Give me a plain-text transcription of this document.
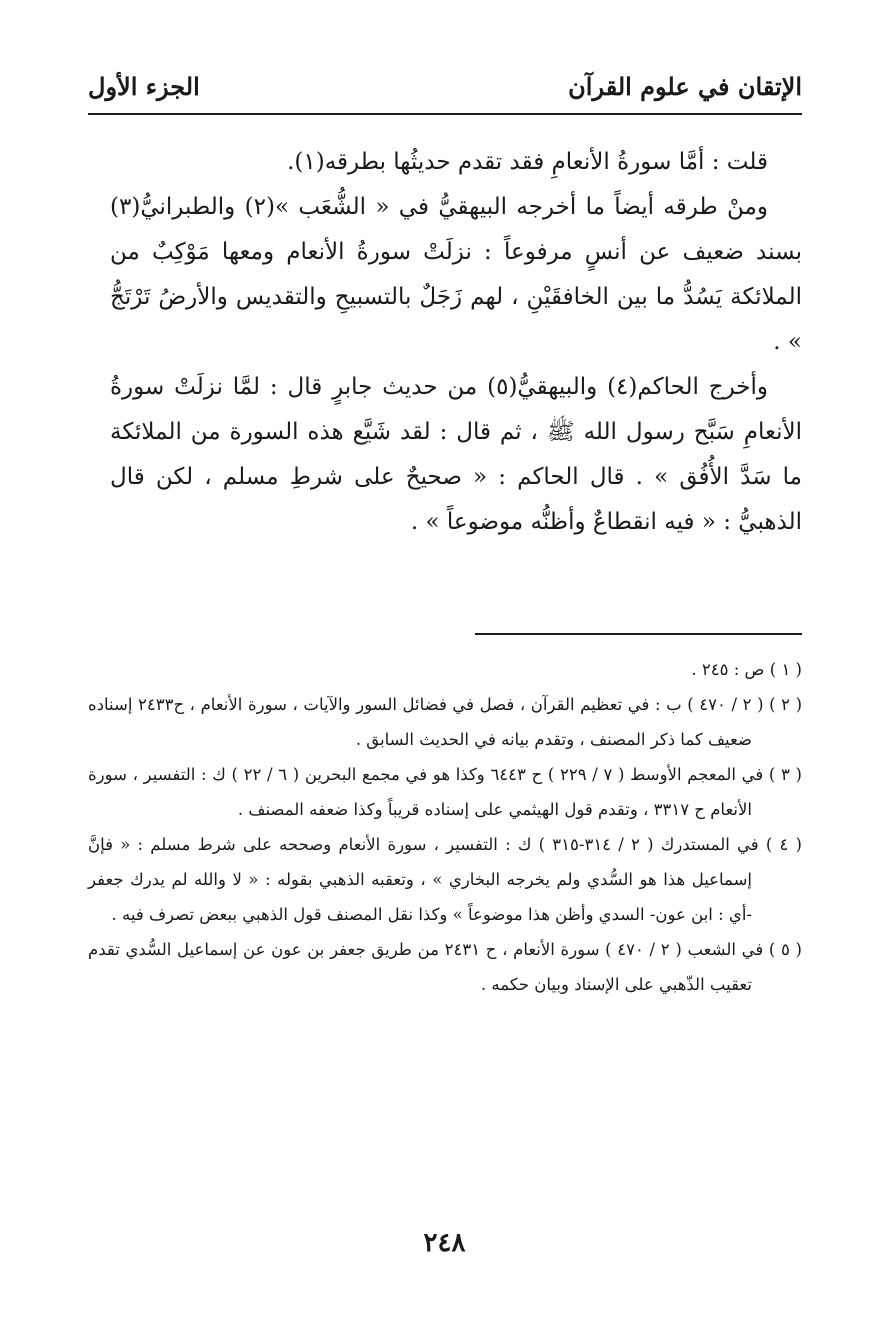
الإتقان في علوم القرآن
الجزء الأول

قلت : أمَّا سورةُ الأنعامِ فقد تقدم حديثُها بطرقه(١).

ومنْ طرقه أيضاً ما أخرجه البيهقيُّ في « الشُّعَب »(٢) والطبرانيُّ(٣) بسند ضعيف عن أنسٍ مرفوعاً : نزلَتْ سورةُ الأنعام ومعها مَوْكِبٌ من الملائكة يَسُدُّ ما بين الخافقَيْنِ ، لهم زَجَلٌ بالتسبيحِ والتقديس والأرضُ تَرْتَجُّ » .

وأخرج الحاكم(٤) والبيهقيُّ(٥) من حديث جابرٍ قال : لمَّا نزلَتْ سورةُ الأنعامِ سَبَّح رسول الله ﷺ ، ثم قال : لقد شَيَّع هذه السورة من الملائكة ما سَدَّ الأُفُق » . قال الحاكم : « صحيحٌ على شرطِ مسلم ، لكن قال الذهبيُّ : « فيه انقطاعٌ وأظنُّه موضوعاً » .

( ١ ) ص : ٢٤٥ .

( ٢ ) ( ٢ / ٤٧٠ ) ب : في تعظيم القرآن ، فصل في فضائل السور والآيات ، سورة الأنعام ، ح٢٤٣٣ إسناده ضعيف كما ذكر المصنف ، وتقدم بيانه في الحديث السابق .

( ٣ ) في المعجم الأوسط ( ٧ / ٢٢٩ ) ح ٦٤٤٣ وكذا هو في مجمع البحرين ( ٦ / ٢٢ ) ك : التفسير ، سورة الأنعام ح ٣٣١٧ ، وتقدم قول الهيثمي على إسناده قريباً وكذا ضعفه المصنف .

( ٤ ) في المستدرك ( ٢ / ٣١٤-٣١٥ ) ك : التفسير ، سورة الأنعام وصححه على شرط مسلم : « فإنَّ إسماعيل هذا هو السُّدي ولم يخرجه البخاري » ، وتعقبه الذهبي بقوله : « لا والله لم يدرك جعفر -أي : ابن عون- السدي وأظن هذا موضوعاً » وكذا نقل المصنف قول الذهبي ببعض تصرف فيه .

( ٥ ) في الشعب ( ٢ / ٤٧٠ ) سورة الأنعام ، ح ٢٤٣١ من طريق جعفر بن عون عن إسماعيل السُّدي تقدم تعقيب الذّهبي على الإسناد وبيان حكمه .

٢٤٨
